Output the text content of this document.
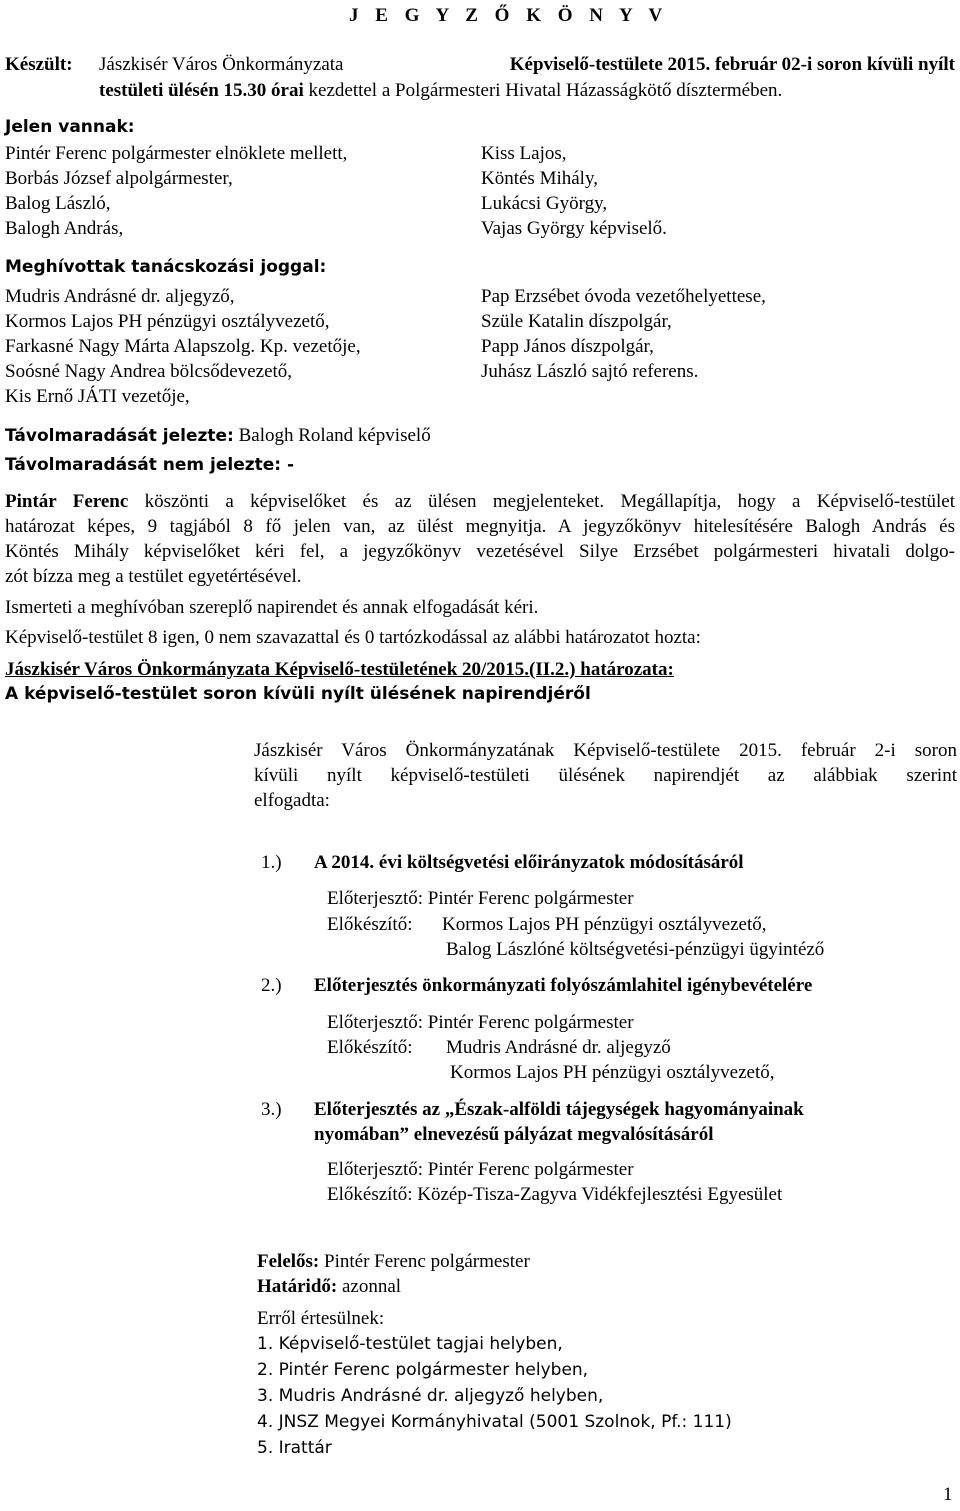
J E G Y Z Ő K Ö N Y V
Készült: Jászkisér Város Önkormányzata	Képviselő-testülete 2015. február 02-i soron kívüli nyílt
testületi ülésén 15.30 órai kezdettel a Polgármesteri Hivatal Házasságkötő dísztermében.
Jelen vannak:
Pintér Ferenc polgármester elnöklete mellett,
Borbás József alpolgármester,
Balog László,
Balogh András,
Kiss Lajos,
Köntés Mihály,
Lukácsi György,
Vajas György képviselő.
Meghívottak tanácskozási joggal:
Mudris Andrásné dr. aljegyző,
Kormos Lajos PH pénzügyi osztályvezető,
Farkasné Nagy Márta Alapszolg. Kp. vezetője,
Soósné Nagy Andrea bölcsődevezető,
Kis Ernő JÁTI vezetője,
Pap Erzsébet óvoda vezetőhelyettese,
Szüle Katalin díszpolgár,
Papp János díszpolgár,
Juhász László sajtó referens.
Távolmaradását jelezte: Balogh Roland képviselő
Távolmaradását nem jelezte: -
Pintár Ferenc köszönti a képviselőket és az ülésen megjelenteket. Megállapítja, hogy a Képviselő-testület
határozat képes, 9 tagjából 8 fő jelen van, az ülést megnyitja. A jegyzőkönyv hitelesítésére Balogh András és
Köntés Mihály képviselőket kéri fel, a jegyzőkönyv vezetésével Silye Erzsébet polgármesteri hivatali dolgo-
zót bízza meg a testület egyetértésével.
Ismerteti a meghívóban szereplő napirendet és annak elfogadását kéri.
Képviselő-testület 8 igen, 0 nem szavazattal és 0 tartózkodással az alábbi határozatot hozta:
Jászkisér Város Önkormányzata Képviselő-testületének 20/2015.(II.2.) határozata:
A képviselő-testület soron kívüli nyílt ülésének napirendjéről
Jászkisér Város Önkormányzatának Képviselő-testülete 2015. február 2-i soron
kívüli nyílt képviselő-testületi ülésének napirendjét az alábbiak szerint
elfogadta:
1.) A 2014. évi költségvetési előirányzatok módosításáról
Előterjesztő: Pintér Ferenc polgármester
Előkészítő: Kormos Lajos PH pénzügyi osztályvezető,
Balog Lászlóné költségvetési-pénzügyi ügyintéző
2.) Előterjesztés önkormányzati folyószámlahitel igénybevételére
Előterjesztő: Pintér Ferenc polgármester
Előkészítő: Mudris Andrásné dr. aljegyző
Kormos Lajos PH pénzügyi osztályvezető,
3.) Előterjesztés az „Észak-alföldi tájegységek hagyományainak
nyomában” elnevezésű pályázat megvalósításáról
Előterjesztő: Pintér Ferenc polgármester
Előkészítő: Közép-Tisza-Zagyva Vidékfejlesztési Egyesület
Felelős: Pintér Ferenc polgármester
Határidő: azonnal
Erről értesülnek:
1. Képviselő-testület tagjai helyben,
2. Pintér Ferenc polgármester helyben,
3. Mudris Andrásné dr. aljegyző helyben,
4. JNSZ Megyei Kormányhivatal (5001 Szolnok, Pf.: 111)
5. Irattár
1
